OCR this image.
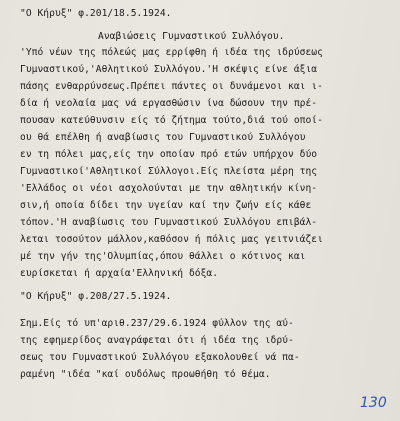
"Ο Κήρυξ" φ.201/18.5.1924.
Αναβιώσεις Γυμναστικού Συλλόγου.
'Υπό νέων της πόλεώς μας ερρίφθη ή ιδέα της ιδρύσεως
Γυμναστικού,'Αθλητικού Συλλόγου.'Η σκέψις είνε άξια
πάσης ενθαρρύνσεως.Πρέπει πάντες οι δυνάμενοι και ι-
δία ή νεολαία μας νά εργασθώσιν ίνα δώσουν την πρέ-
πουσαν κατεύθυνσιν είς τό ζήτημα τούτο,διά τού οποί-
ου θά επέλθη ή αναβίωσις του Γυμναστικού Συλλόγου
εν τη πόλει μας,είς την οποίαν πρό ετών υπήρχον δύο
Γυμναστικοί'Αθλητικοί Σύλλογοι.Είς πλείστα μέρη της
'Ελλάδος οι νέοι ασχολούνται με την αθλητικήν κίνη-
σιν,ή οποία δίδει την υγείαν καί την ζωήν είς κάθε
τόπον.'Η αναβίωσις του Γυμναστικού Συλλόγου επιβάλ-
λεται τοσούτον μάλλον,καθόσον ή πόλις μας γειτνιάζει
μέ την γήν της'Ολυμπίας,όπου θάλλει ο κότινος και
ευρίσκεται ή αρχαία'Ελληνική δόξα.
"Ο Κήρυξ" φ.208/27.5.1924.
Σημ.Είς τό υπ'αριθ.237/29.6.1924 φύλλον της αύ-
της εφημερίδος αναγράφεται ότι ή ιδέα της ιδρύ-
σεως του Γυμναστικού Συλλόγου εξακολουθεί νά πα-
ραμένη "ιδέα "καί ουδόλως προωθήθη τό θέμα.
130
